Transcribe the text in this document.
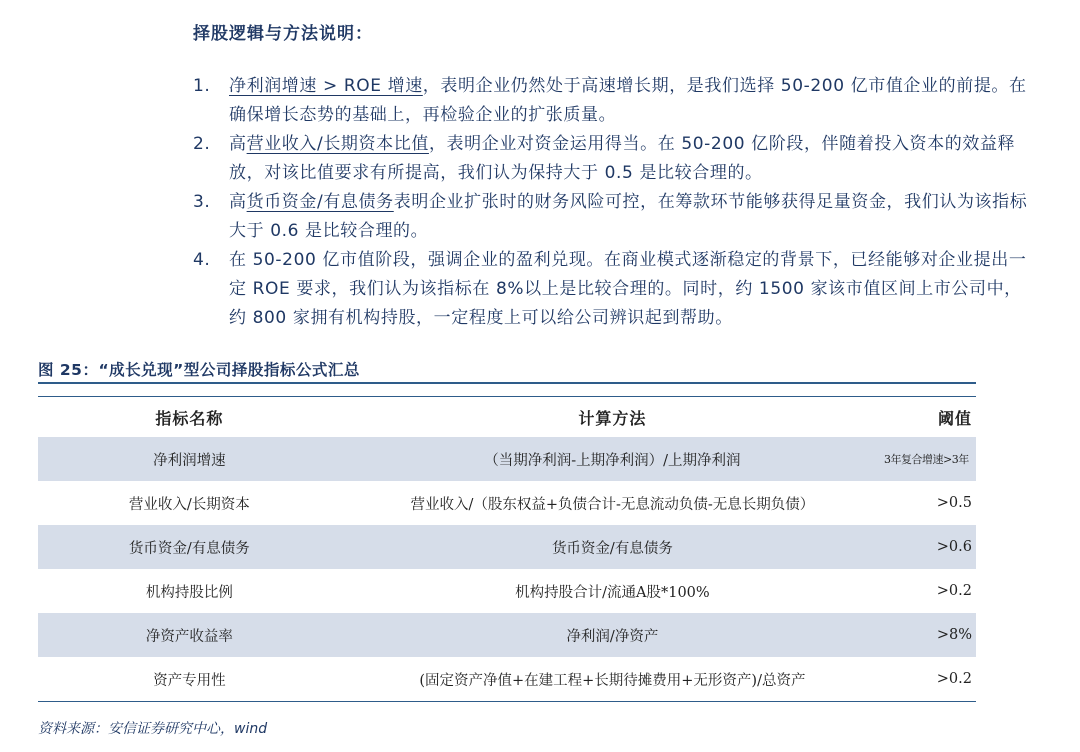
择股逻辑与方法说明：
1. 净利润增速 > ROE 增速，表明企业仍然处于高速增长期，是我们选择 50-200 亿市值企业的前提。在确保增长态势的基础上，再检验企业的扩张质量。
2. 高营业收入/长期资本比值，表明企业对资金运用得当。在 50-200 亿阶段，伴随着投入资本的效益释放，对该比值要求有所提高，我们认为保持大于 0.5 是比较合理的。
3. 高货币资金/有息债务表明企业扩张时的财务风险可控，在筹款环节能够获得足量资金，我们认为该指标大于 0.6 是比较合理的。
4. 在 50-200 亿市值阶段，强调企业的盈利兑现。在商业模式逐渐稳定的背景下，已经能够对企业提出一定 ROE 要求，我们认为该指标在 8%以上是比较合理的。同时，约 1500 家该市值区间上市公司中，约 800 家拥有机构持股，一定程度上可以给公司辨识起到帮助。

图 25：“成长兑现”型公司择股指标公式汇总

指标名称	计算方法	阈值
净利润增速	（当期净利润-上期净利润）/上期净利润	3年复合增速>3年
营业收入/长期资本	营业收入/（股东权益+负债合计-无息流动负债-无息长期负债）	>0.5
货币资金/有息债务	货币资金/有息债务	>0.6
机构持股比例	机构持股合计/流通A股*100%	>0.2
净资产收益率	净利润/净资产	>8%
资产专用性	(固定资产净值+在建工程+长期待摊费用+无形资产)/总资产	>0.2

资料来源：安信证券研究中心，wind
